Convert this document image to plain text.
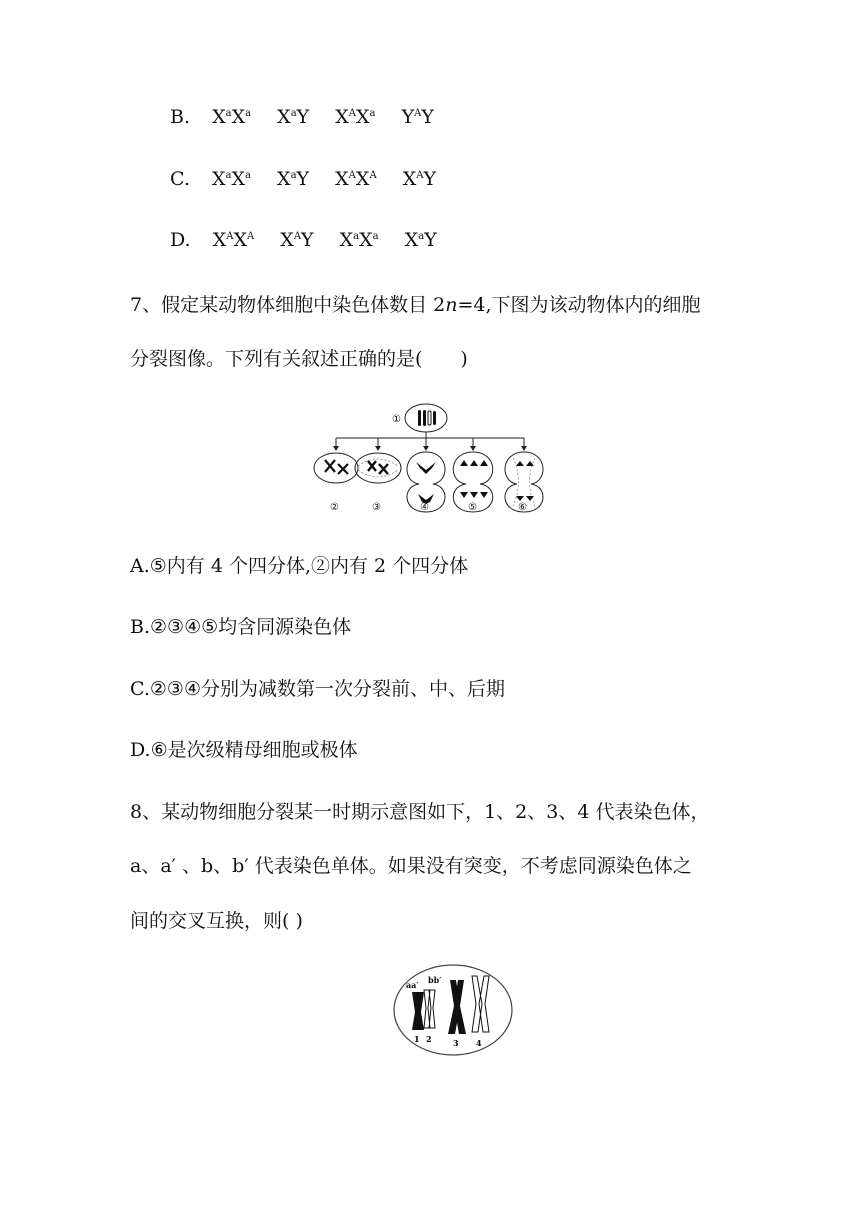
B. $X^aX^a$ $X^aY$ $X^AX^a$ $Y^AY$
C. $X^aX^a$ $X^aY$ $X^AX^A$ $X^AY$
D. $X^AX^A$ $X^AY$ $X^aX^a$ $X^aY$
7、假定某动物体细胞中染色体数目 2n=4,下图为该动物体内的细胞
分裂图像。下列有关叙述正确的是(　　)
①
②	③	④	⑤	⑥
A.⑤内有 4 个四分体,②内有 2 个四分体
B.②③④⑤均含同源染色体
C.②③④分别为减数第一次分裂前、中、后期
D.⑥是次级精母细胞或极体
8、某动物细胞分裂某一时期示意图如下，1、2、3、4 代表染色体，
a、a′ 、b、b′ 代表染色单体。如果没有突变，不考虑同源染色体之
间的交叉互换，则( )
aa′ bb′
1 2	3 4
